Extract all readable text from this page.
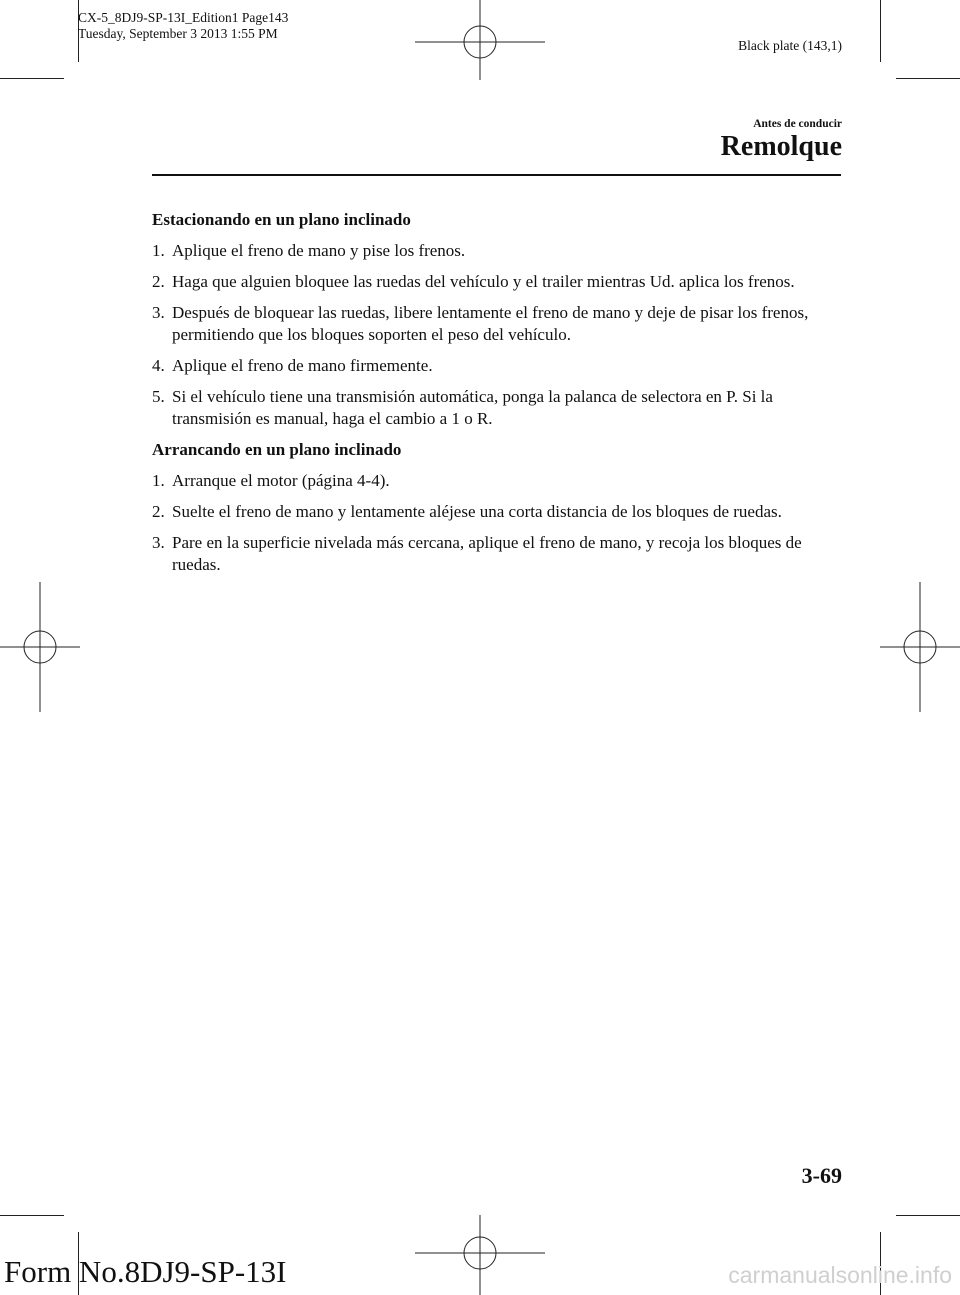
CX-5_8DJ9-SP-13I_Edition1 Page143
Tuesday, September 3 2013 1:55 PM
Black plate (143,1)
Antes de conducir
Remolque
Estacionando en un plano inclinado
1. Aplique el freno de mano y pise los frenos.
2. Haga que alguien bloquee las ruedas del vehículo y el trailer mientras Ud. aplica los frenos.
3. Después de bloquear las ruedas, libere lentamente el freno de mano y deje de pisar los frenos, permitiendo que los bloques soporten el peso del vehículo.
4. Aplique el freno de mano firmemente.
5. Si el vehículo tiene una transmisión automática, ponga la palanca de selectora en P. Si la transmisión es manual, haga el cambio a 1 o R.
Arrancando en un plano inclinado
1. Arranque el motor (página 4-4).
2. Suelte el freno de mano y lentamente aléjese una corta distancia de los bloques de ruedas.
3. Pare en la superficie nivelada más cercana, aplique el freno de mano, y recoja los bloques de ruedas.
3-69
Form No.8DJ9-SP-13I	carmanualsonline.info
